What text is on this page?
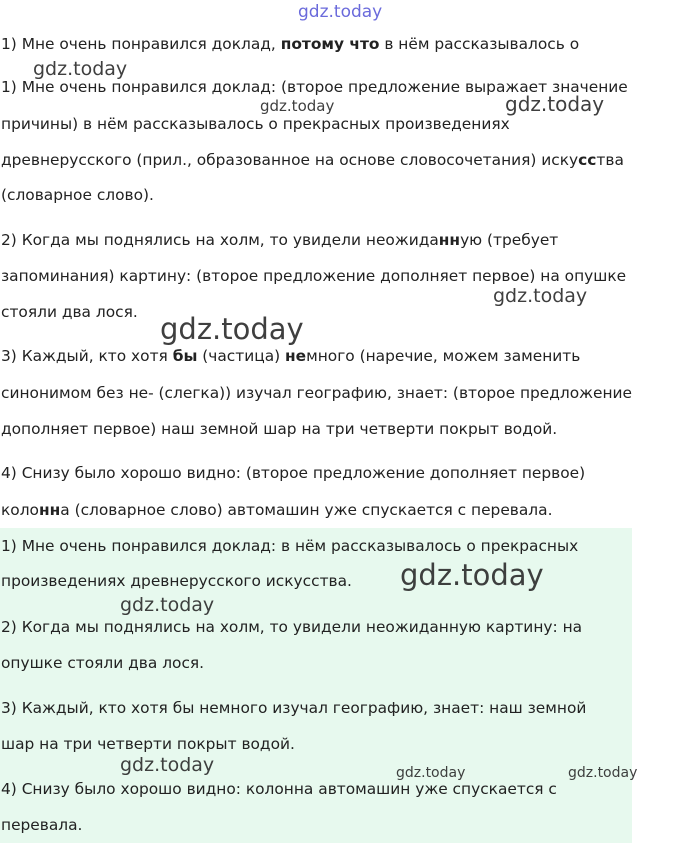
gdz.today
1) Мне очень понравился доклад, потому что в нём рассказывалось о
1) Мне очень понравился доклад: (второе предложение выражает значение
причины) в нём рассказывалось о прекрасных произведениях
древнерусского (прил., образованное на основе словосочетания) искусства
(словарное слово).
2) Когда мы поднялись на холм, то увидели неожиданную (требует
запоминания) картину: (второе предложение дополняет первое) на опушке
стояли два лося.
3) Каждый, кто хотя бы (частица) немного (наречие, можем заменить
синонимом без не- (слегка)) изучал географию, знает: (второе предложение
дополняет первое) наш земной шар на три четверти покрыт водой.
4) Снизу было хорошо видно: (второе предложение дополняет первое)
колонна (словарное слово) автомашин уже спускается с перевала.
1) Мне очень понравился доклад: в нём рассказывалось о прекрасных
произведениях древнерусского искусства.
2) Когда мы поднялись на холм, то увидели неожиданную картину: на
опушке стояли два лося.
3) Каждый, кто хотя бы немного изучал географию, знает: наш земной
шар на три четверти покрыт водой.
4) Снизу было хорошо видно: колонна автомашин уже спускается с
перевала.
gdz.today
gdz.today	gdz.today
gdz.today
gdz.today
gdz.today
gdz.today
gdz.today	gdz.today	gdz.today
